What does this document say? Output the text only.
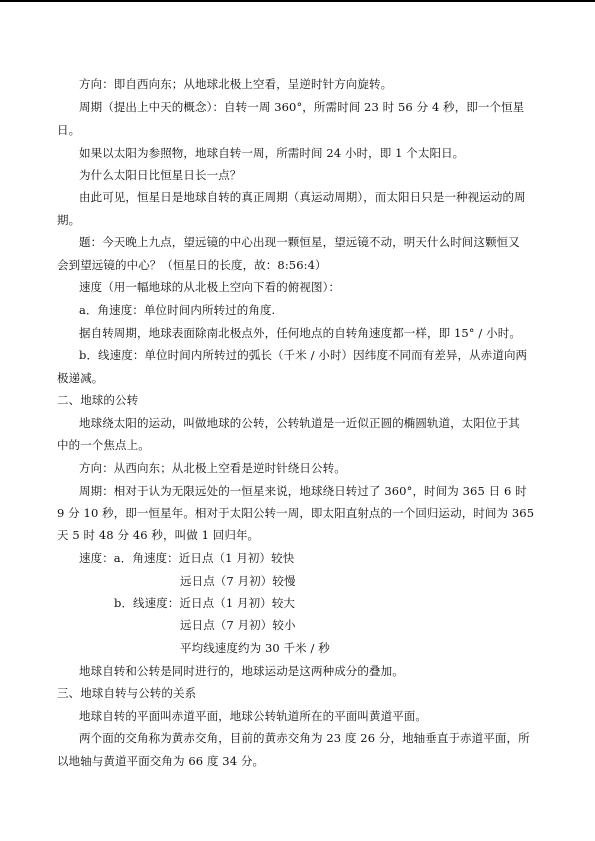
方向：即自西向东；从地球北极上空看，呈逆时针方向旋转。
周期（提出上中天的概念）：自转一周 360°，所需时间 23 时 56 分 4 秒，即一个恒星
日。
如果以太阳为参照物，地球自转一周，所需时间 24 小时，即 1 个太阳日。
为什么太阳日比恒星日长一点？
由此可见，恒星日是地球自转的真正周期（真运动周期），而太阳日只是一种视运动的周
期。
题：今天晚上九点，望远镜的中心出现一颗恒星，望远镜不动，明天什么时间这颗恒又
会到望远镜的中心？（恒星日的长度，故：8:56:4）
速度（用一幅地球的从北极上空向下看的俯视图）：
a．角速度：单位时间内所转过的角度.
据自转周期，地球表面除南北极点外，任何地点的自转角速度都一样，即 15° / 小时。
b．线速度：单位时间内所转过的弧长（千米 / 小时）因纬度不同而有差异，从赤道向两
极递减。
二、地球的公转
地球绕太阳的运动，叫做地球的公转，公转轨道是一近似正圆的椭圆轨道，太阳位于其
中的一个焦点上。
方向：从西向东；从北极上空看是逆时针绕日公转。
周期：相对于认为无限远处的一恒星来说，地球绕日转过了 360°，时间为 365 日 6 时
9 分 10 秒，即一恒星年。相对于太阳公转一周，即太阳直射点的一个回归运动，时间为 365
天 5 时 48 分 46 秒，叫做 1 回归年。
速度：a．角速度：近日点（1 月初）较快
远日点（7 月初）较慢
b．线速度：近日点（1 月初）较大
远日点（7 月初）较小
平均线速度约为 30 千米 / 秒
地球自转和公转是同时进行的，地球运动是这两种成分的叠加。
三、地球自转与公转的关系
地球自转的平面叫赤道平面，地球公转轨道所在的平面叫黄道平面。
两个面的交角称为黄赤交角，目前的黄赤交角为 23 度 26 分，地轴垂直于赤道平面，所
以地轴与黄道平面交角为 66 度 34 分。
